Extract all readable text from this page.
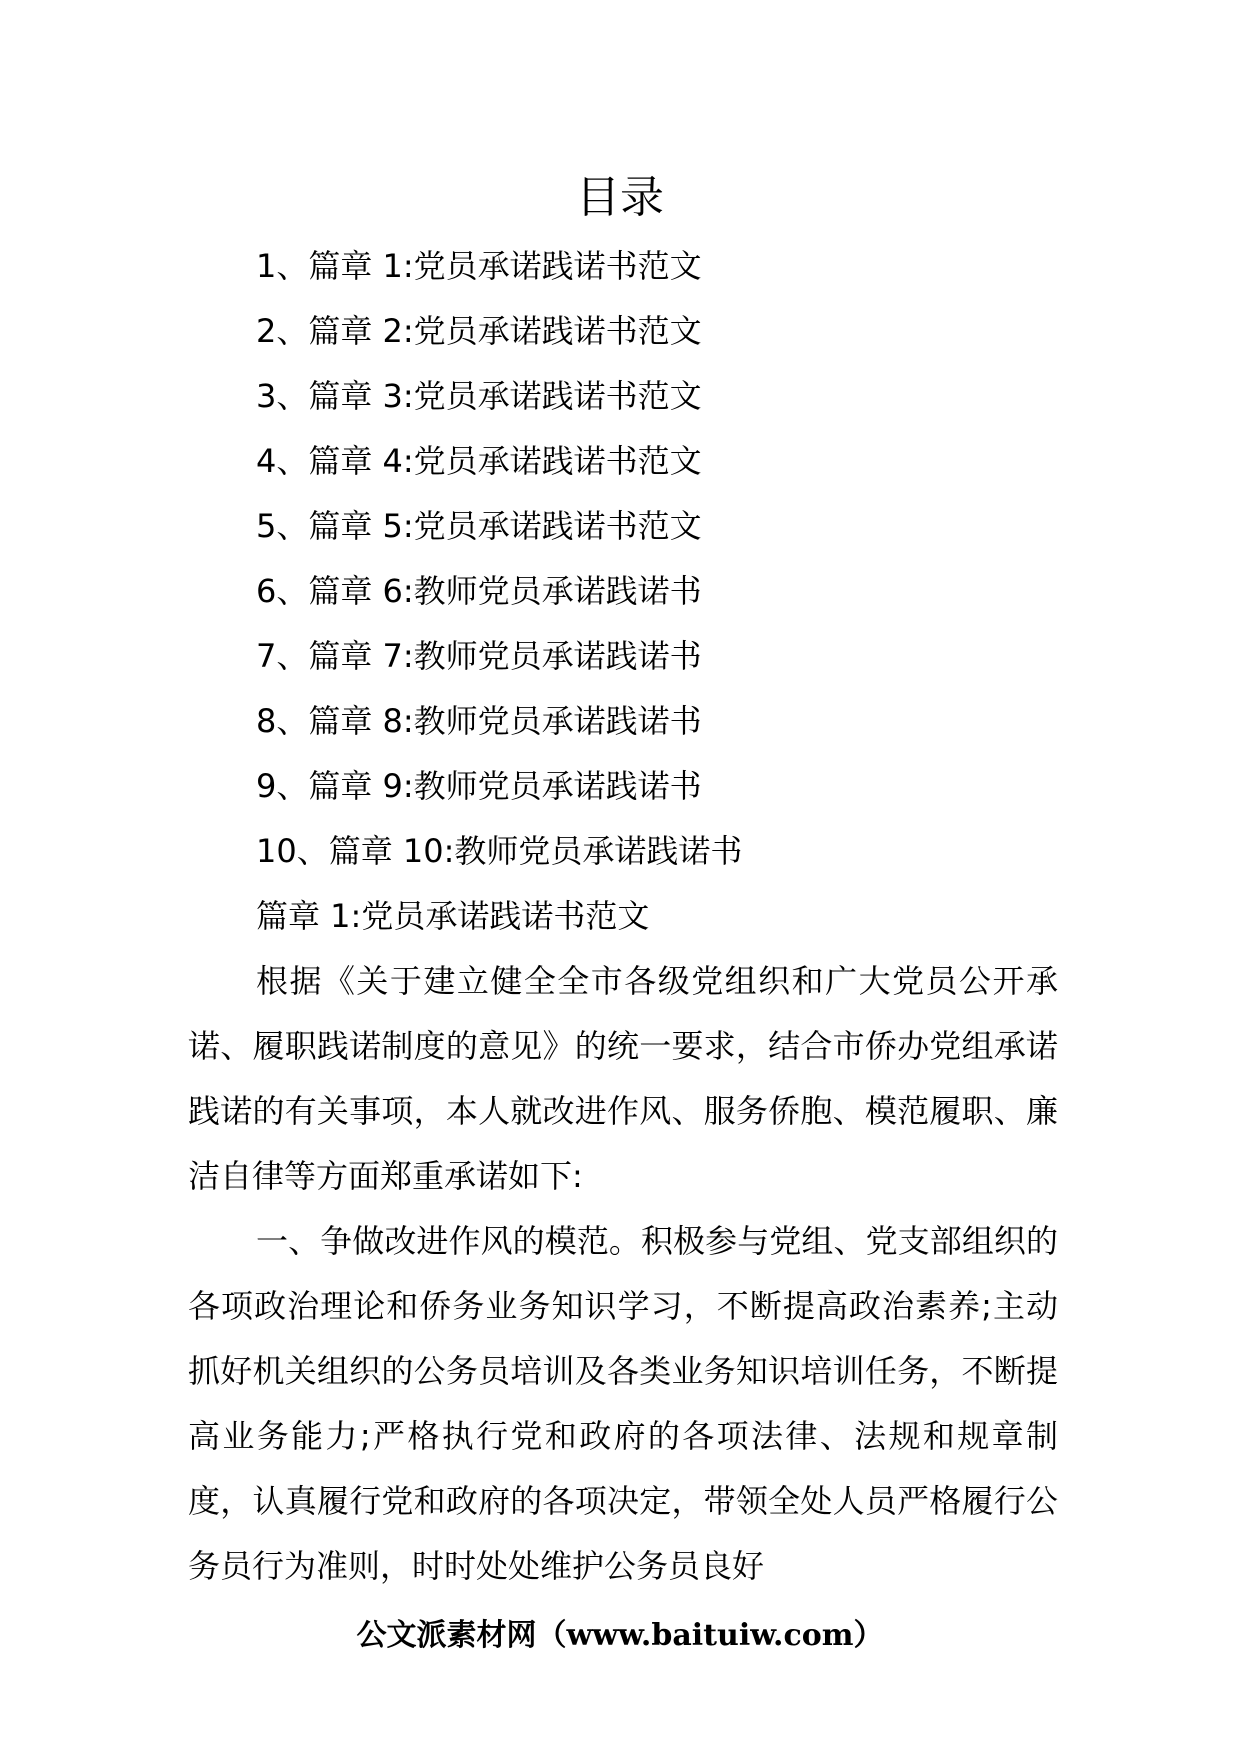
目录
1、篇章 1:党员承诺践诺书范文
2、篇章 2:党员承诺践诺书范文
3、篇章 3:党员承诺践诺书范文
4、篇章 4:党员承诺践诺书范文
5、篇章 5:党员承诺践诺书范文
6、篇章 6:教师党员承诺践诺书
7、篇章 7:教师党员承诺践诺书
8、篇章 8:教师党员承诺践诺书
9、篇章 9:教师党员承诺践诺书
10、篇章 10:教师党员承诺践诺书
篇章 1:党员承诺践诺书范文

根据《关于建立健全全市各级党组织和广大党员公开承诺、履职践诺制度的意见》的统一要求，结合市侨办党组承诺践诺的有关事项，本人就改进作风、服务侨胞、模范履职、廉洁自律等方面郑重承诺如下:

一、争做改进作风的模范。积极参与党组、党支部组织的各项政治理论和侨务业务知识学习，不断提高政治素养;主动抓好机关组织的公务员培训及各类业务知识培训任务，不断提高业务能力;严格执行党和政府的各项法律、法规和规章制度，认真履行党和政府的各项决定，带领全处人员严格履行公务员行为准则，时时处处维护公务员良好

公文派素材网（www.baituiw.com）
